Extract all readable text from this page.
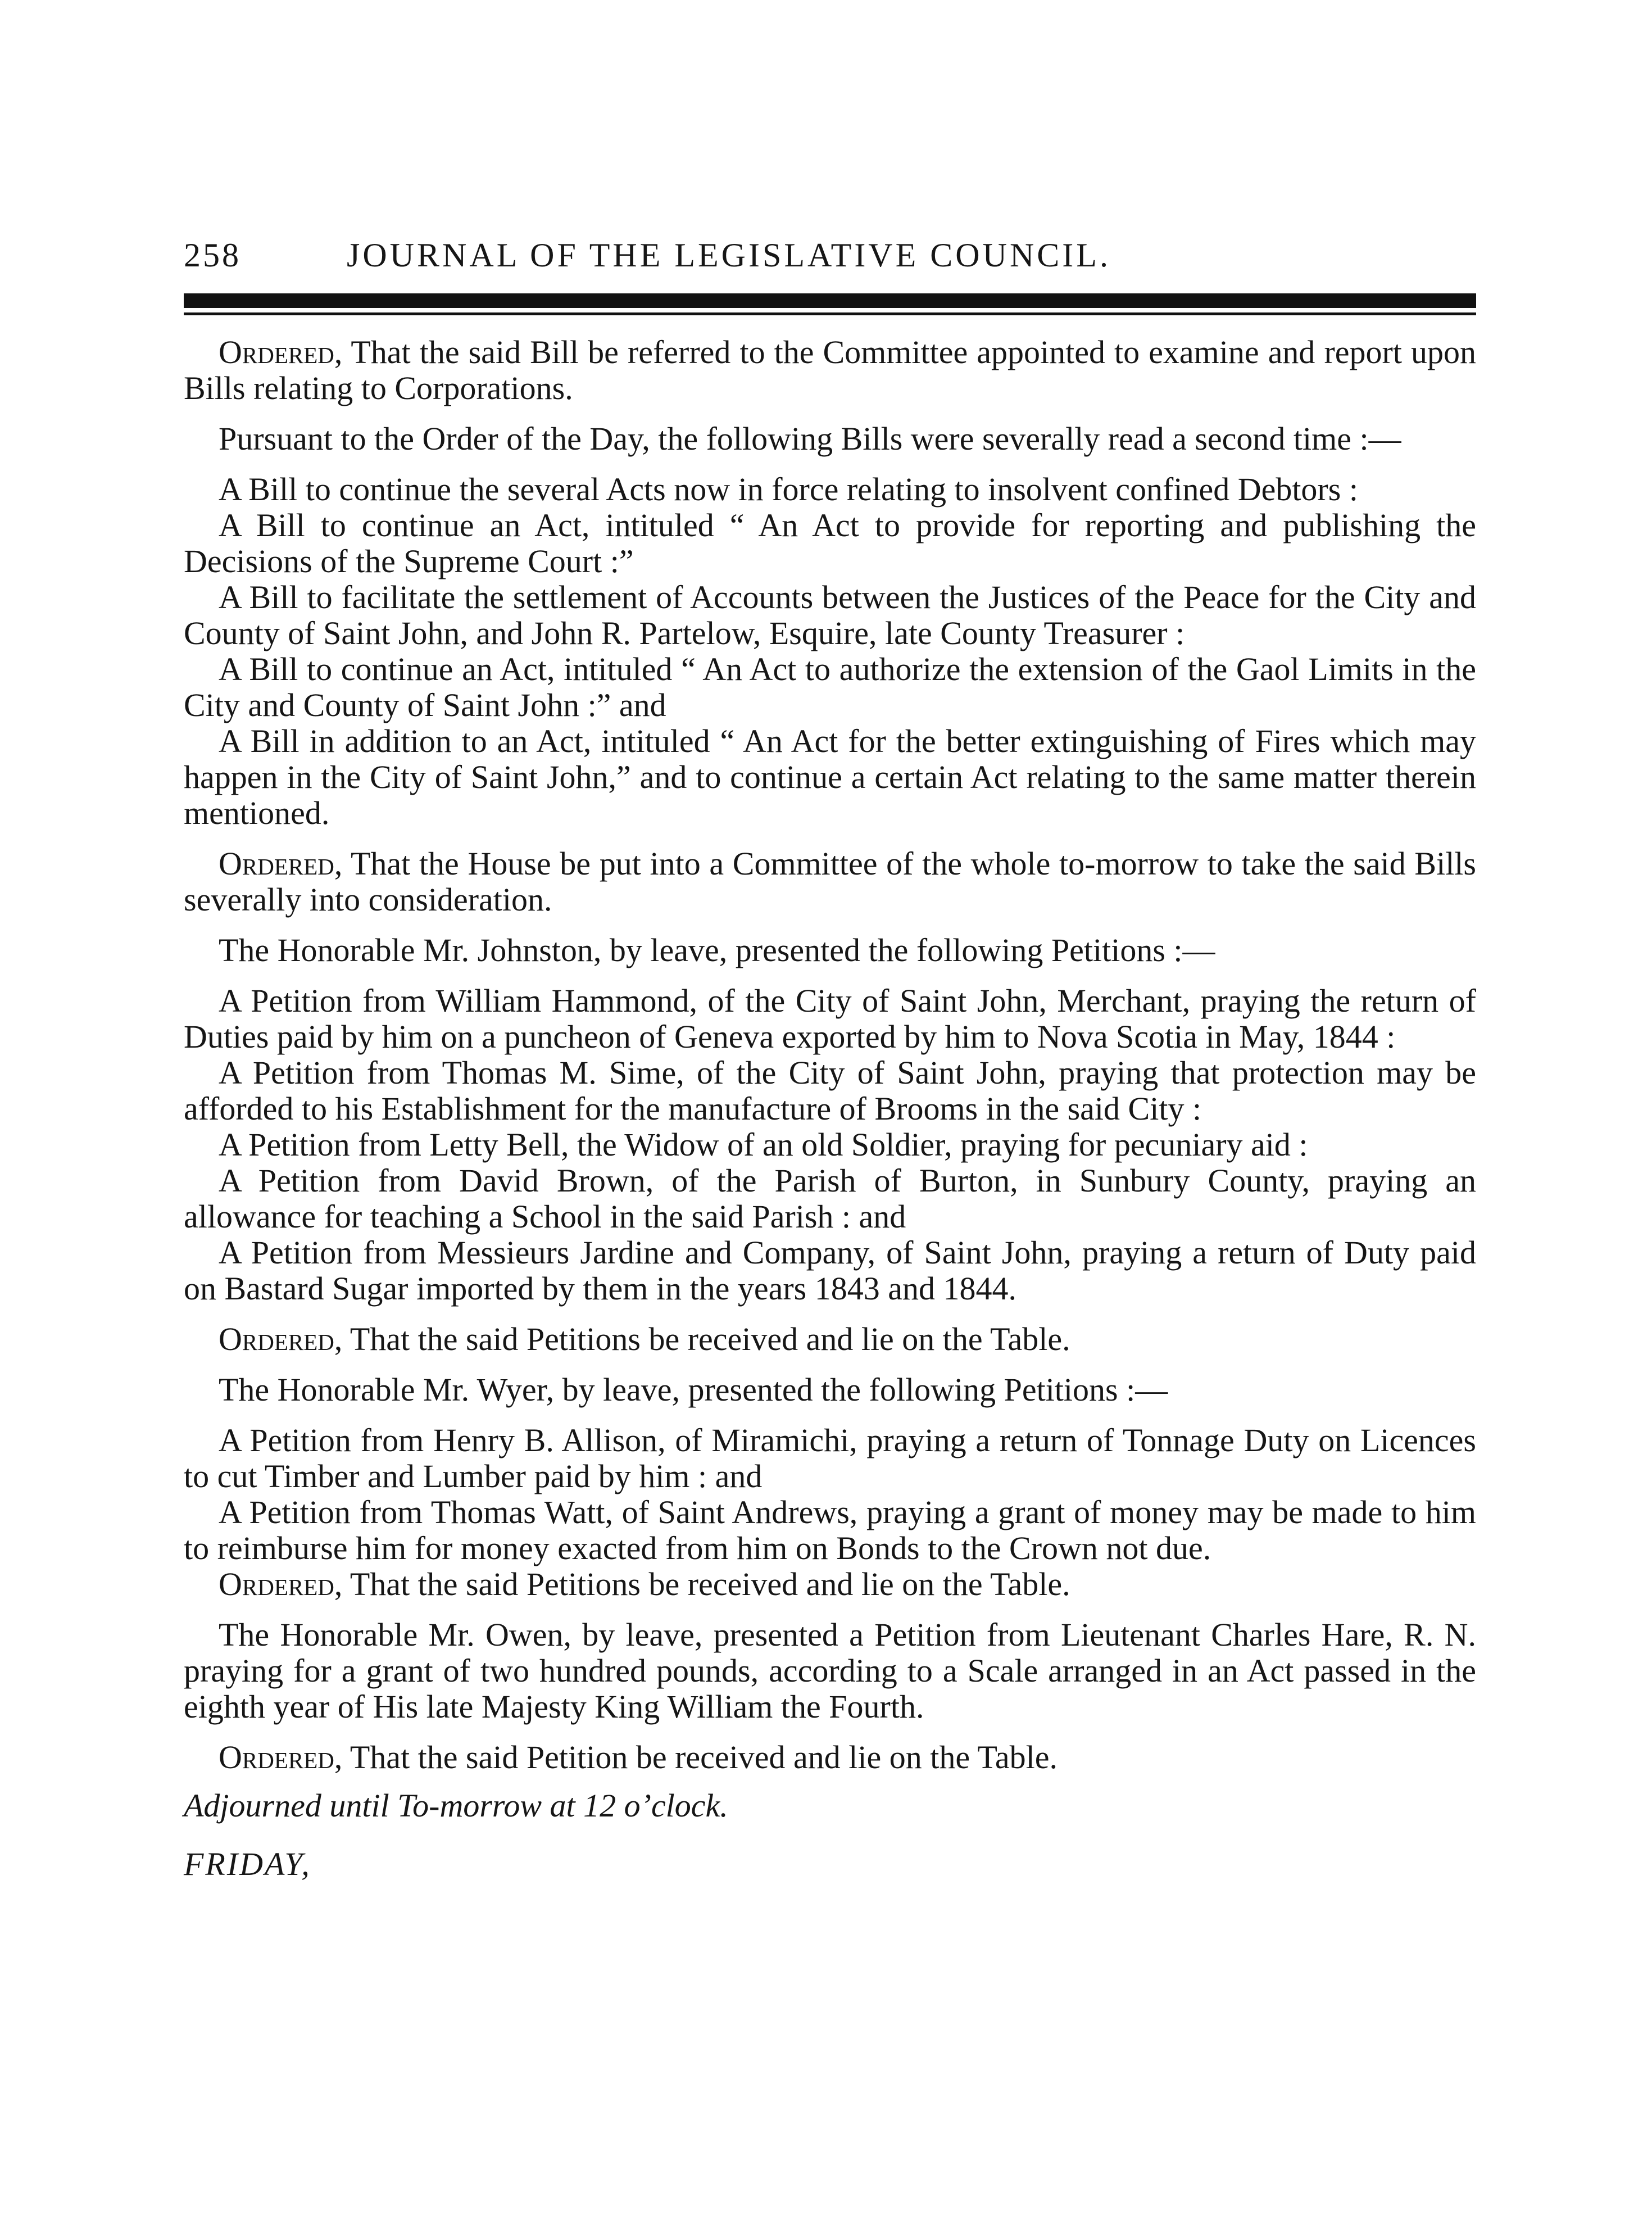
258	JOURNAL OF THE LEGISLATIVE COUNCIL.

Ordered, That the said Bill be referred to the Committee appointed to examine and report upon Bills relating to Corporations.

Pursuant to the Order of the Day, the following Bills were severally read a second time :—

A Bill to continue the several Acts now in force relating to insolvent confined Debtors :

A Bill to continue an Act, intituled “ An Act to provide for reporting and publishing the Decisions of the Supreme Court :”

A Bill to facilitate the settlement of Accounts between the Justices of the Peace for the City and County of Saint John, and John R. Partelow, Esquire, late County Treasurer :

A Bill to continue an Act, intituled “ An Act to authorize the extension of the Gaol Limits in the City and County of Saint John :” and

A Bill in addition to an Act, intituled “ An Act for the better extinguishing of Fires which may happen in the City of Saint John,” and to continue a certain Act relating to the same matter therein mentioned.

Ordered, That the House be put into a Committee of the whole to-morrow to take the said Bills severally into consideration.

The Honorable Mr. Johnston, by leave, presented the following Petitions :—

A Petition from William Hammond, of the City of Saint John, Merchant, praying the return of Duties paid by him on a puncheon of Geneva exported by him to Nova Scotia in May, 1844 :

A Petition from Thomas M. Sime, of the City of Saint John, praying that protection may be afforded to his Establishment for the manufacture of Brooms in the said City :

A Petition from Letty Bell, the Widow of an old Soldier, praying for pecuniary aid :

A Petition from David Brown, of the Parish of Burton, in Sunbury County, praying an allowance for teaching a School in the said Parish : and

A Petition from Messieurs Jardine and Company, of Saint John, praying a return of Duty paid on Bastard Sugar imported by them in the years 1843 and 1844.

Ordered, That the said Petitions be received and lie on the Table.

The Honorable Mr. Wyer, by leave, presented the following Petitions :—

A Petition from Henry B. Allison, of Miramichi, praying a return of Tonnage Duty on Licences to cut Timber and Lumber paid by him : and

A Petition from Thomas Watt, of Saint Andrews, praying a grant of money may be made to him to reimburse him for money exacted from him on Bonds to the Crown not due.

Ordered, That the said Petitions be received and lie on the Table.

The Honorable Mr. Owen, by leave, presented a Petition from Lieutenant Charles Hare, R. N. praying for a grant of two hundred pounds, according to a Scale arranged in an Act passed in the eighth year of His late Majesty King William the Fourth.

Ordered, That the said Petition be received and lie on the Table.

Adjourned until To-morrow at 12 o’clock.

FRIDAY,
